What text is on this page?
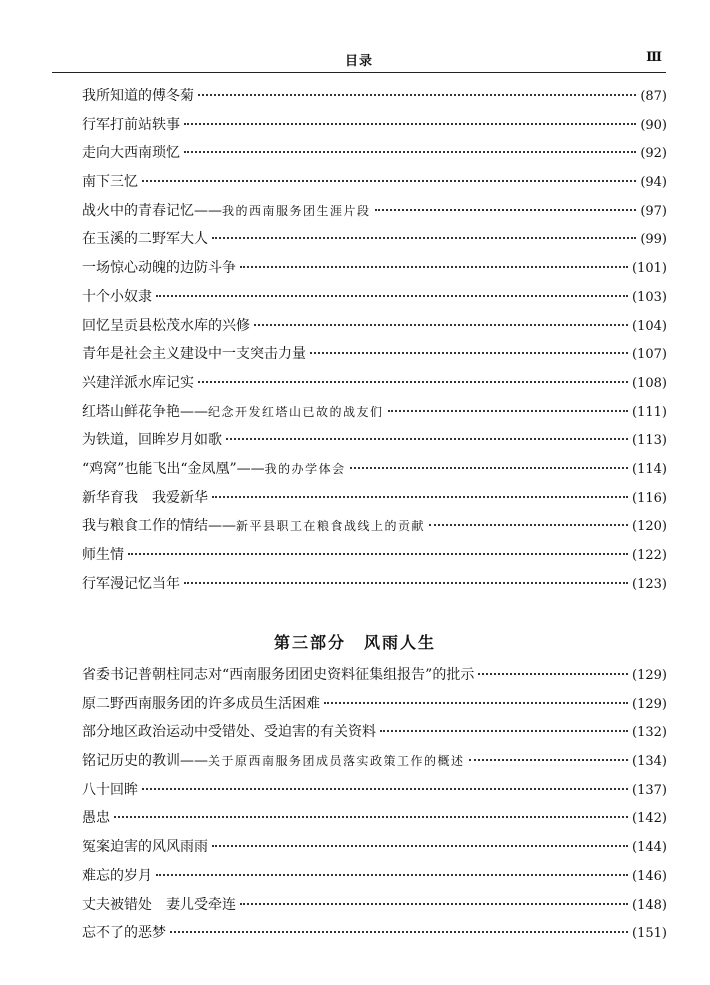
目录	Ⅲ
我所知道的傅冬菊	(87)
行军打前站轶事	(90)
走向大西南琐忆	(92)
南下三忆	(94)
战火中的青春记忆—— 我的西南服务团生涯片段	(97)
在玉溪的二野军大人	(99)
一场惊心动魄的边防斗争	(101)
十个小奴隶	(103)
回忆呈贡县松茂水库的兴修	(104)
青年是社会主义建设中一支突击力量	(107)
兴建洋派水库记实	(108)
红塔山鲜花争艳—— 纪念开发红塔山已故的战友们	(111)
为铁道，回眸岁月如歌	(113)
“鸡窝”也能飞出“金凤凰”—— 我的办学体会	(114)
新华育我　我爱新华	(116)
我与粮食工作的情结—— 新平县职工在粮食战线上的贡献	(120)
师生情	(122)
行军漫记忆当年	(123)
第三部分　风雨人生
省委书记普朝柱同志对“西南服务团团史资料征集组报告”的批示	(129)
原二野西南服务团的许多成员生活困难	(129)
部分地区政治运动中受错处、受迫害的有关资料	(132)
铭记历史的教训—— 关于原西南服务团成员落实政策工作的概述	(134)
八十回眸	(137)
愚忠	(142)
冤案迫害的风风雨雨	(144)
难忘的岁月	(146)
丈夫被错处　妻儿受牵连	(148)
忘不了的恶梦	(151)
